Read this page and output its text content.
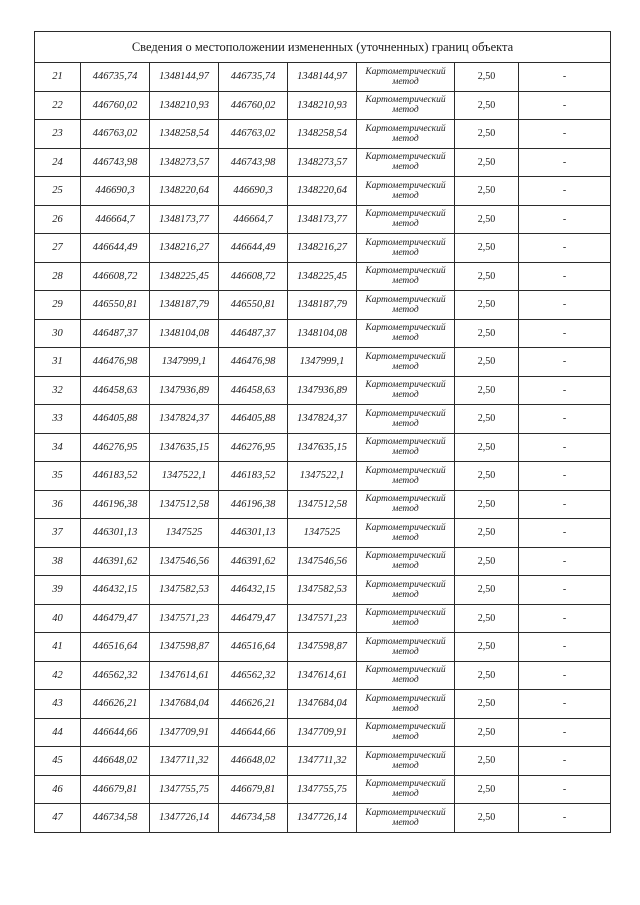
Сведения о местоположении измененных (уточненных) границ объекта							
21	446735,74	1348144,97	446735,74	1348144,97	Картометрический
метод	2,50	-
22	446760,02	1348210,93	446760,02	1348210,93	Картометрический
метод	2,50	-
23	446763,02	1348258,54	446763,02	1348258,54	Картометрический
метод	2,50	-
24	446743,98	1348273,57	446743,98	1348273,57	Картометрический
метод	2,50	-
25	446690,3	1348220,64	446690,3	1348220,64	Картометрический
метод	2,50	-
26	446664,7	1348173,77	446664,7	1348173,77	Картометрический
метод	2,50	-
27	446644,49	1348216,27	446644,49	1348216,27	Картометрический
метод	2,50	-
28	446608,72	1348225,45	446608,72	1348225,45	Картометрический
метод	2,50	-
29	446550,81	1348187,79	446550,81	1348187,79	Картометрический
метод	2,50	-
30	446487,37	1348104,08	446487,37	1348104,08	Картометрический
метод	2,50	-
31	446476,98	1347999,1	446476,98	1347999,1	Картометрический
метод	2,50	-
32	446458,63	1347936,89	446458,63	1347936,89	Картометрический
метод	2,50	-
33	446405,88	1347824,37	446405,88	1347824,37	Картометрический
метод	2,50	-
34	446276,95	1347635,15	446276,95	1347635,15	Картометрический
метод	2,50	-
35	446183,52	1347522,1	446183,52	1347522,1	Картометрический
метод	2,50	-
36	446196,38	1347512,58	446196,38	1347512,58	Картометрический
метод	2,50	-
37	446301,13	1347525	446301,13	1347525	Картометрический
метод	2,50	-
38	446391,62	1347546,56	446391,62	1347546,56	Картометрический
метод	2,50	-
39	446432,15	1347582,53	446432,15	1347582,53	Картометрический
метод	2,50	-
40	446479,47	1347571,23	446479,47	1347571,23	Картометрический
метод	2,50	-
41	446516,64	1347598,87	446516,64	1347598,87	Картометрический
метод	2,50	-
42	446562,32	1347614,61	446562,32	1347614,61	Картометрический
метод	2,50	-
43	446626,21	1347684,04	446626,21	1347684,04	Картометрический
метод	2,50	-
44	446644,66	1347709,91	446644,66	1347709,91	Картометрический
метод	2,50	-
45	446648,02	1347711,32	446648,02	1347711,32	Картометрический
метод	2,50	-
46	446679,81	1347755,75	446679,81	1347755,75	Картометрический
метод	2,50	-
47	446734,58	1347726,14	446734,58	1347726,14	Картометрический
метод	2,50	-
